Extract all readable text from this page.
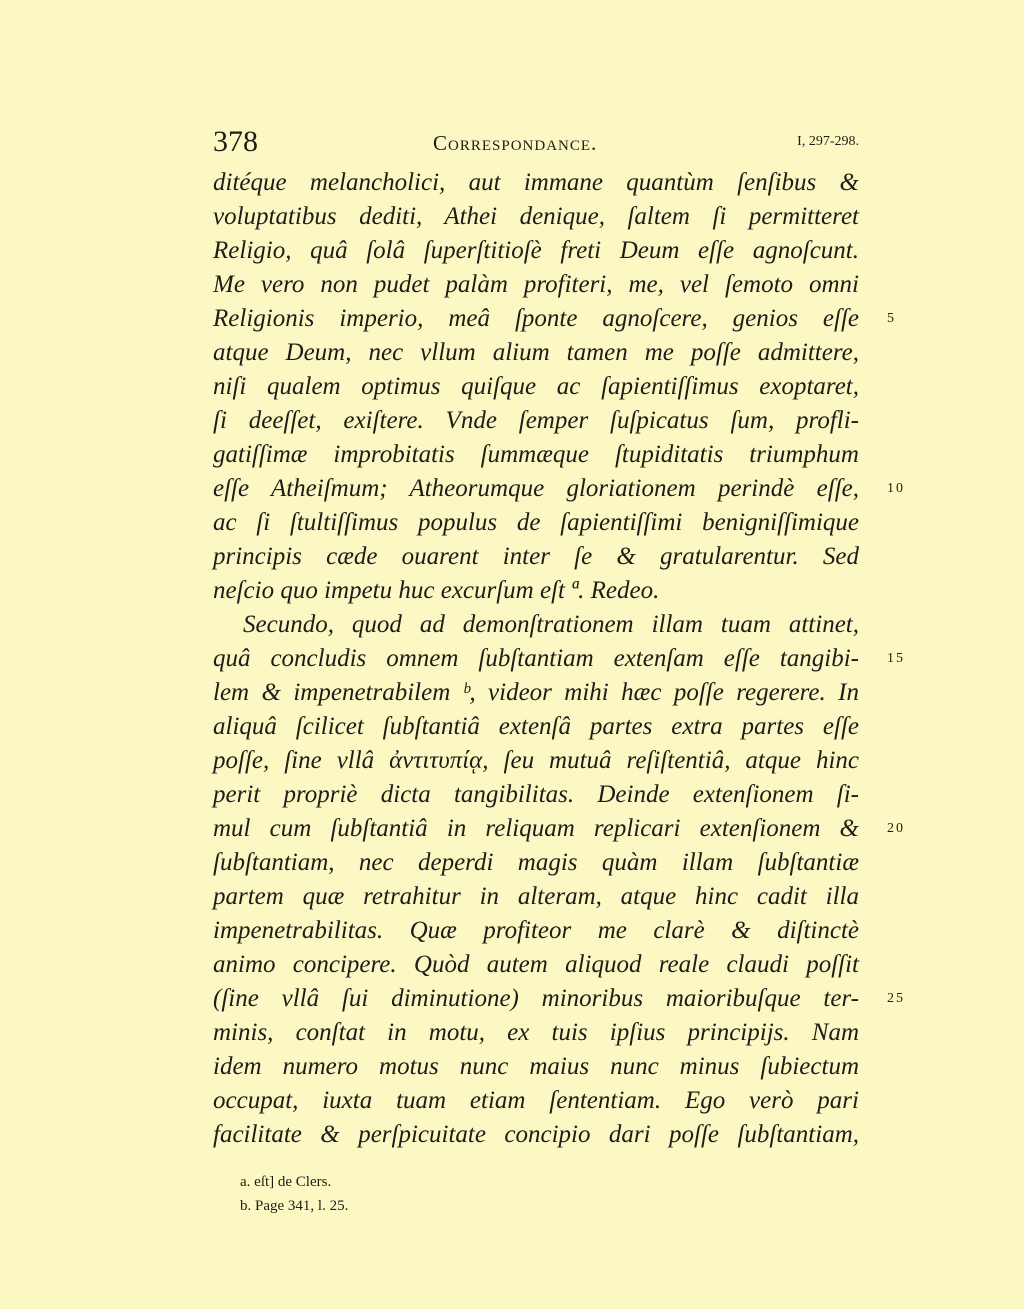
378	Correspondance.	I, 297-298.
ditéque melancholici, aut immane quantùm ſenſibus &
voluptatibus dediti, Athei denique, ſaltem ſi permitteret
Religio, quâ ſolâ ſuperſtitioſè freti Deum eſſe agnoſcunt.
Me vero non pudet palàm profiteri, me, vel ſemoto omni
Religionis imperio, meâ ſponte agnoſcere, genios eſſe 5
atque Deum, nec vllum alium tamen me poſſe admittere,
niſi qualem optimus quiſque ac ſapientiſſimus exoptaret,
ſi deeſſet, exiſtere. Vnde ſemper ſuſpicatus ſum, profli-
gatiſſimæ improbitatis ſummæque ſtupiditatis triumphum
eſſe Atheiſmum; Atheorumque gloriationem perindè eſſe, 10
ac ſi ſtultiſſimus populus de ſapientiſſimi benigniſſimique
principis cæde ouarent inter ſe & gratularentur. Sed
neſcio quo impetu huc excurſum eſt ª. Redeo.
Secundo, quod ad demonſtrationem illam tuam attinet,
quâ concludis omnem ſubſtantiam extenſam eſſe tangibi- 15
lem & impenetrabilem ᵇ, videor mihi hæc poſſe regerere. In
aliquâ ſcilicet ſubſtantiâ extenſâ partes extra partes eſſe
poſſe, ſine vllâ ἀντιτυπίᾳ, ſeu mutuâ reſiſtentiâ, atque hinc
perit propriè dicta tangibilitas. Deinde extenſionem ſi-
mul cum ſubſtantiâ in reliquam replicari extenſionem & 20
ſubſtantiam, nec deperdi magis quàm illam ſubſtantiæ
partem quæ retrahitur in alteram, atque hinc cadit illa
impenetrabilitas. Quæ profiteor me clarè & diſtinctè
animo concipere. Quòd autem aliquod reale claudi poſſit
(ſine vllâ ſui diminutione) minoribus maioribuſque ter- 25
minis, conſtat in motu, ex tuis ipſius principijs. Nam
idem numero motus nunc maius nunc minus ſubiectum
occupat, iuxta tuam etiam ſententiam. Ego verò pari
facilitate & perſpicuitate concipio dari poſſe ſubſtantiam,
a. eſt] de Clers.
b. Page 341, l. 25.
